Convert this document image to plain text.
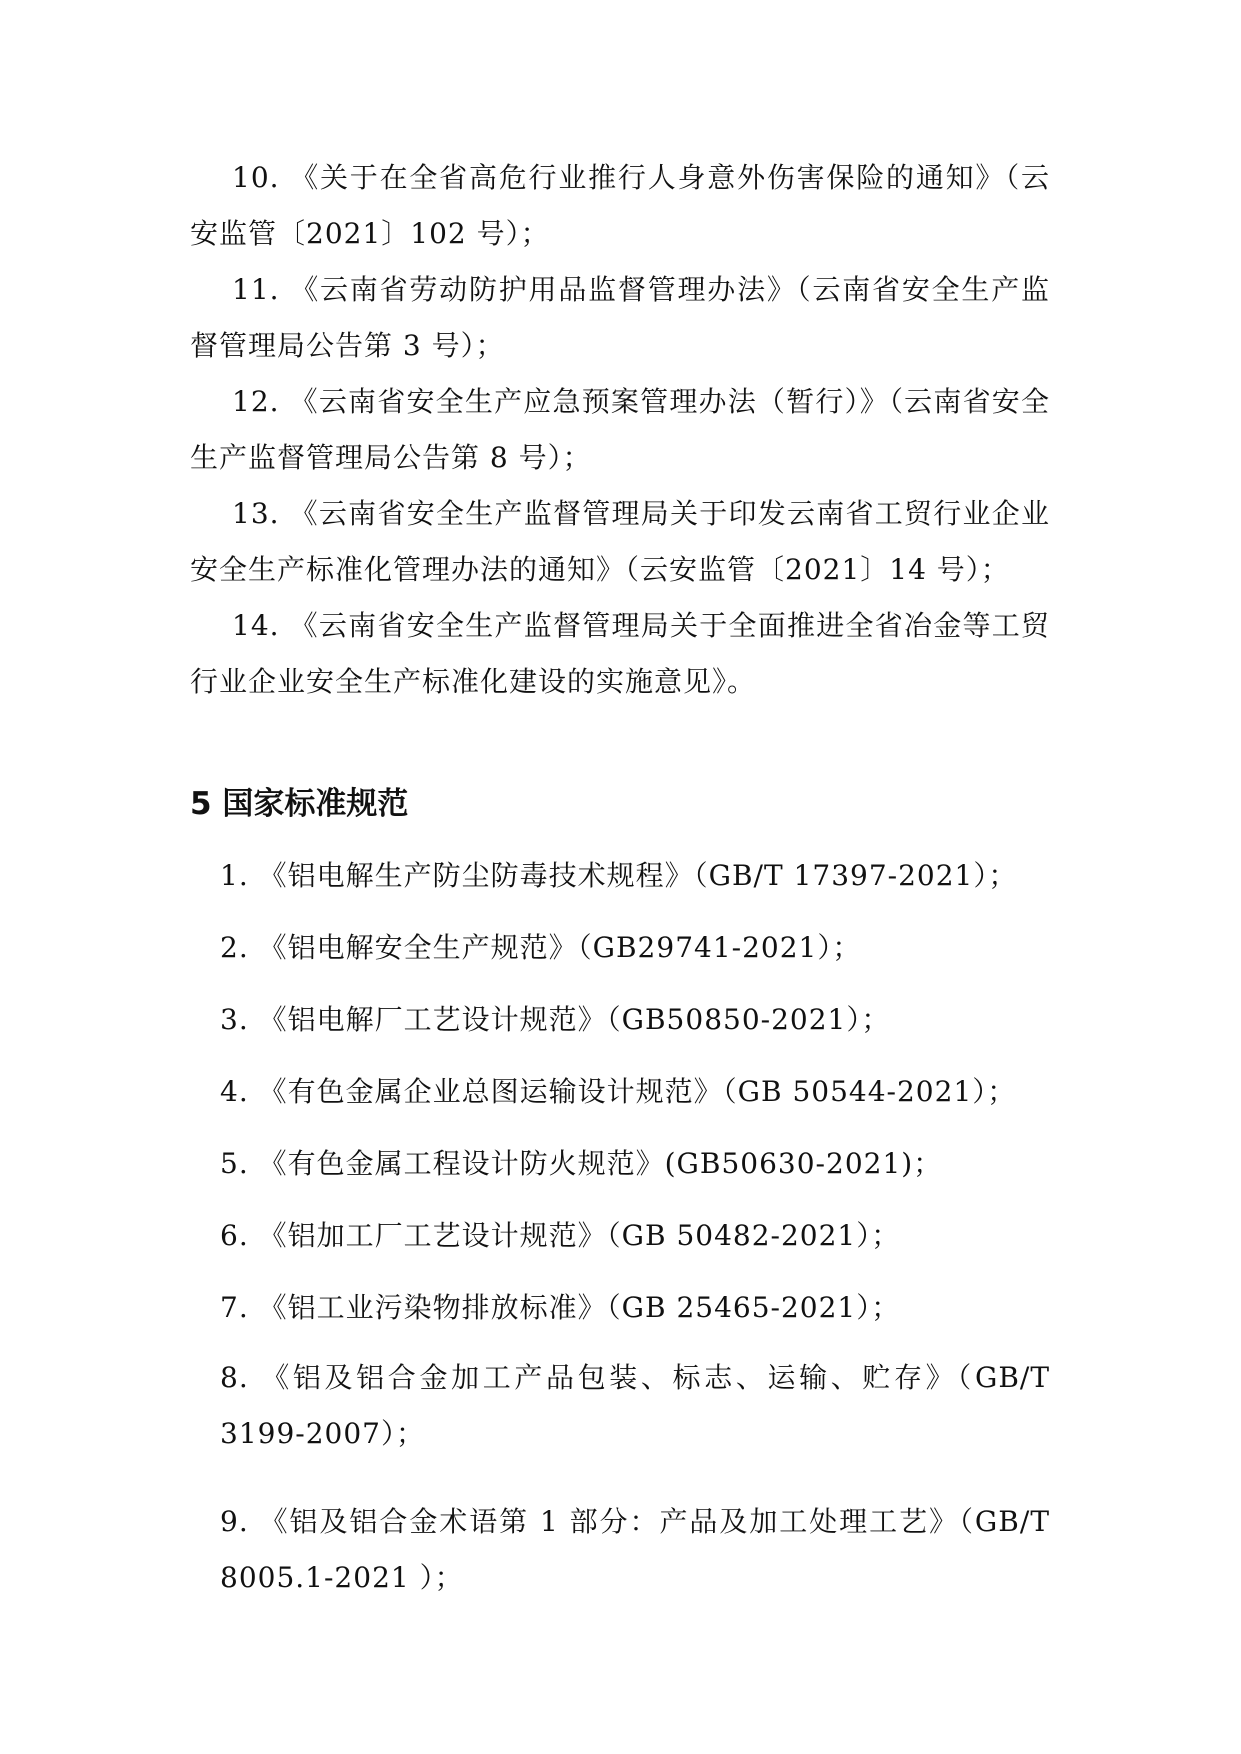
10. 《关于在全省高危行业推行人身意外伤害保险的通知》（云安监管〔2021〕102 号）；

11. 《云南省劳动防护用品监督管理办法》（云南省安全生产监督管理局公告第 3 号）；

12. 《云南省安全生产应急预案管理办法（暂行）》（云南省安全生产监督管理局公告第 8 号）；

13. 《云南省安全生产监督管理局关于印发云南省工贸行业企业安全生产标准化管理办法的通知》（云安监管〔2021〕14 号）；

14. 《云南省安全生产监督管理局关于全面推进全省冶金等工贸行业企业安全生产标准化建设的实施意见》。

5 国家标准规范

1. 《铝电解生产防尘防毒技术规程》（GB/T 17397-2021）；

2. 《铝电解安全生产规范》（GB29741-2021）；

3. 《铝电解厂工艺设计规范》（GB50850-2021）；

4. 《有色金属企业总图运输设计规范》（GB 50544-2021）；

5. 《有色金属工程设计防火规范》(GB50630-2021)；

6. 《铝加工厂工艺设计规范》（GB 50482-2021）；

7. 《铝工业污染物排放标准》（GB 25465-2021）；

8. 《铝及铝合金加工产品包装、标志、运输、贮存》（GB/T
3199-2007）；
9. 《铝及铝合金术语第 1 部分：产品及加工处理工艺》（GB/T
8005.1-2021 ）；
